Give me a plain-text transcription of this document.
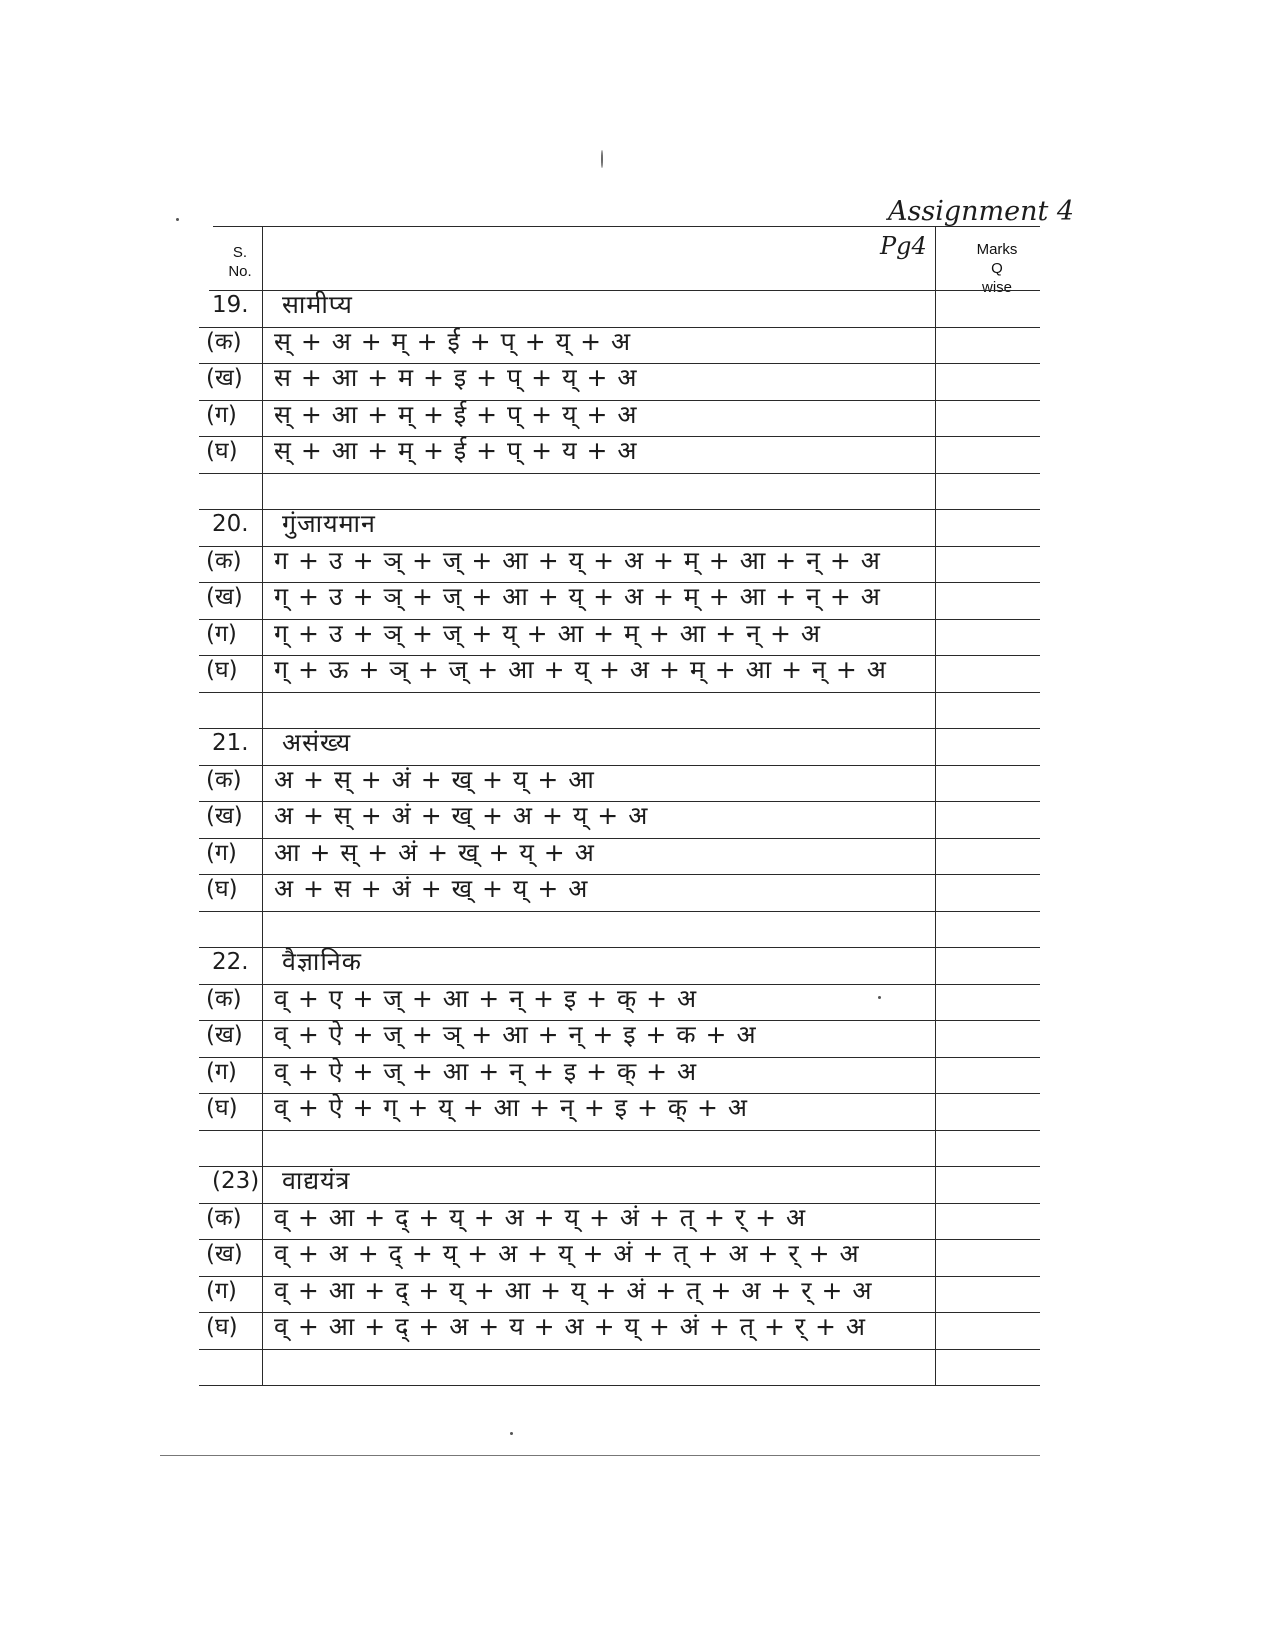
Assignment 4
Pg4
S.
No.
Marks
Q
wise
19. सामीप्य
(क) स् + अ + म् + ई + प् + य् + अ
(ख) स + आ + म + इ + प् + य् + अ
(ग) स् + आ + म् + ई + प् + य् + अ
(घ) स् + आ + म् + ई + प् + य + अ
20. गुंजायमान
(क) ग + उ + ञ् + ज् + आ + य् + अ + म् + आ + न् + अ
(ख) ग् + उ + ञ् + ज् + आ + य् + अ + म् + आ + न् + अ
(ग) ग् + उ + ञ् + ज् + य् + आ + म् + आ + न् + अ
(घ) ग् + ऊ + ञ् + ज् + आ + य् + अ + म् + आ + न् + अ
21. असंख्य
(क) अ + स् + अं + ख् + य् + आ
(ख) अ + स् + अं + ख् + अ + य् + अ
(ग) आ + स् + अं + ख् + य् + अ
(घ) अ + स + अं + ख् + य् + अ
22. वैज्ञानिक
(क) व् + ए + ज् + आ + न् + इ + क् + अ
(ख) व् + ऐ + ज् + ञ् + आ + न् + इ + क + अ
(ग) व् + ऐ + ज् + आ + न् + इ + क् + अ
(घ) व् + ऐ + ग् + य् + आ + न् + इ + क् + अ
(23) वाद्ययंत्र
(क) व् + आ + द् + य् + अ + य् + अं + त् + र् + अ
(ख) व् + अ + द् + य् + अ + य् + अं + त् + अ + र् + अ
(ग) व् + आ + द् + य् + आ + य् + अं + त् + अ + र् + अ
(घ) व् + आ + द् + अ + य + अ + य् + अं + त् + र् + अ
